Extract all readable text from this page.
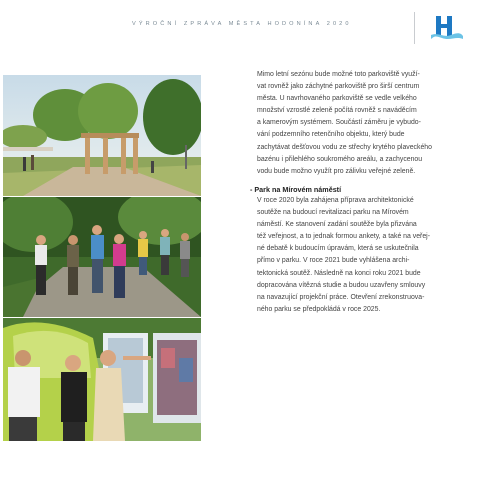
VÝROČNÍ ZPRÁVA MĚSTA HODONÍNA 2020
Mimo letní sezónu bude možné toto parkoviště využí-
vat rovněž jako záchytné parkoviště pro širší centrum
města. U navrhovaného parkoviště se vedle velkého
množství vzrostlé zeleně počítá rovněž s naváděcím
a kamerovým systémem. Součástí záměru je vybudo-
vání podzemního retenčního objektu, který bude
zachytávat dešťovou vodu ze střechy krytého plaveckého
bazénu i přilehlého soukromého areálu, a zachycenou
vodu bude možno využít pro zálivku veřejné zeleně.
- Park na Mírovém náměstí
V roce 2020 byla zahájena příprava architektonické
soutěže na budoucí revitalizaci parku na Mírovém
náměstí. Ke stanovení zadání soutěže byla přizvána
též veřejnost, a to jednak formou ankety, a také na veřej-
né debatě k budoucím úpravám, která se uskutečnila
přímo v parku. V roce 2021 bude vyhlášena archi-
tektonická soutěž. Následně na konci roku 2021 bude
dopracována vítězná studie a budou uzavřeny smlouvy
na navazující projekční práce. Otevření zrekonstruova-
ného parku se předpokládá v roce 2025.
